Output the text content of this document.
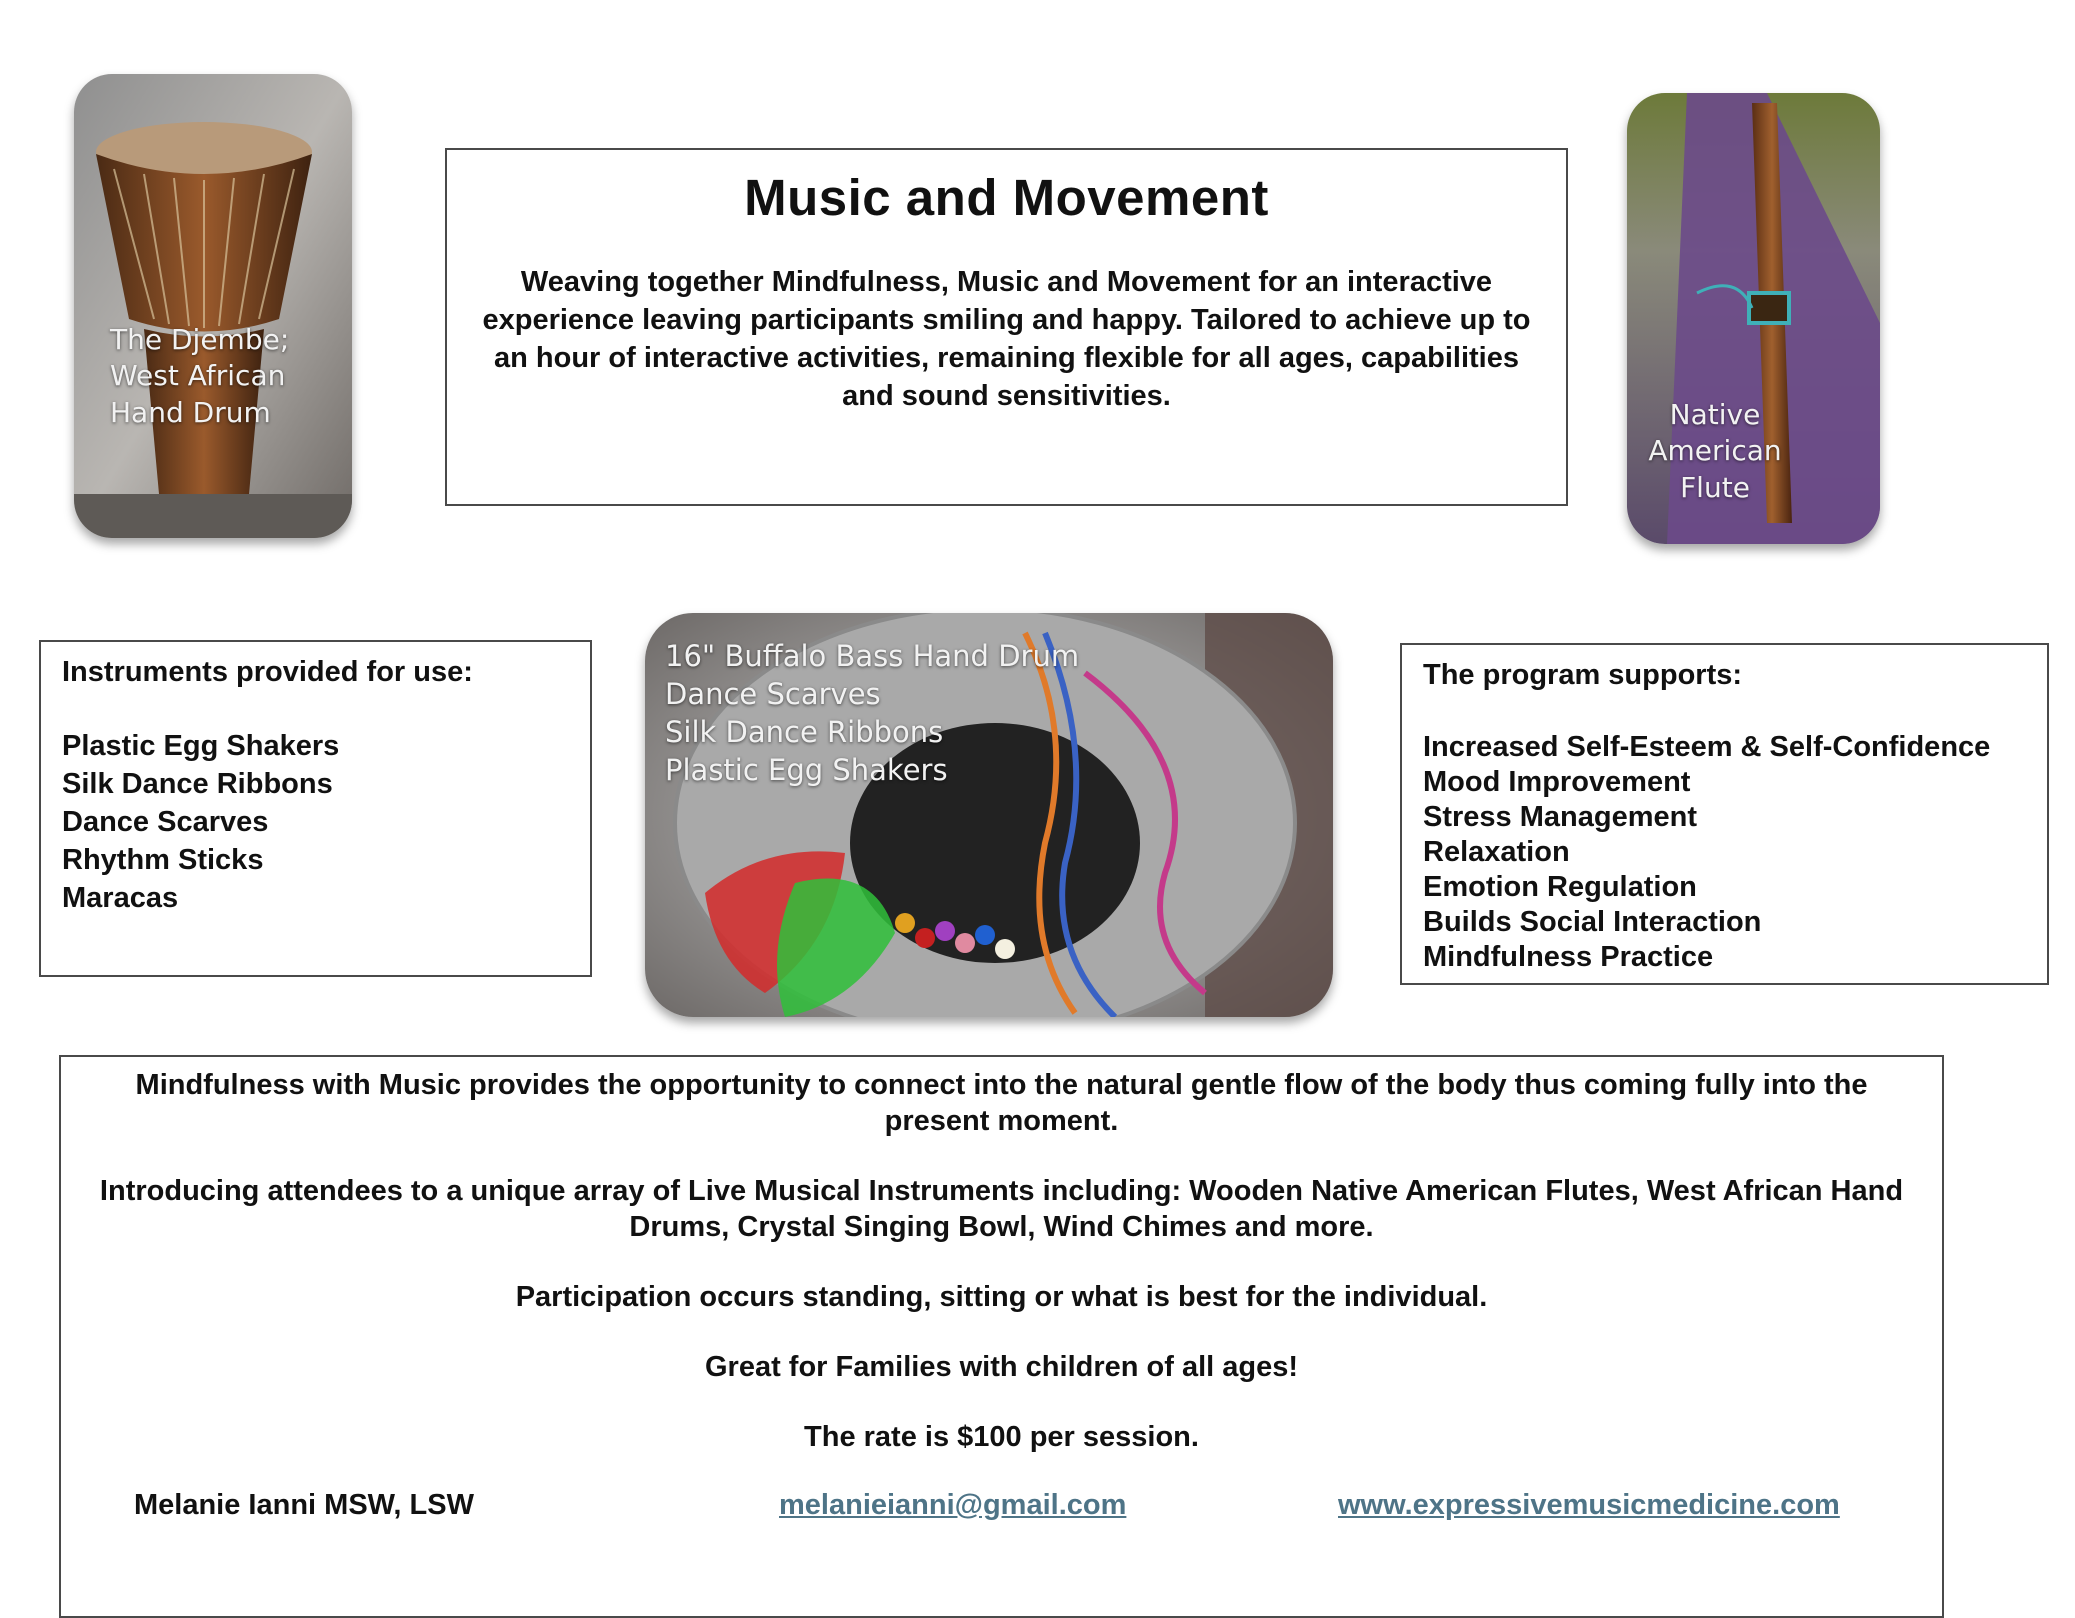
The Djembe;
West African
Hand Drum
Music and Movement
Weaving together Mindfulness, Music and Movement for an interactive experience leaving participants smiling and happy. Tailored to achieve up to an hour of interactive activities, remaining flexible for all ages, capabilities and sound sensitivities.
Native
American
Flute
Instruments provided for use:
Plastic Egg Shakers
Silk Dance Ribbons
Dance Scarves
Rhythm Sticks
Maracas
16" Buffalo Bass Hand Drum
Dance Scarves
Silk Dance Ribbons
Plastic Egg Shakers
The program supports:
Increased Self-Esteem & Self-Confidence
Mood Improvement
Stress Management
Relaxation
Emotion Regulation
Builds Social Interaction
Mindfulness Practice

Mindfulness with Music provides the opportunity to connect into the natural gentle flow of the body thus coming fully into the present moment.

Introducing attendees to a unique array of Live Musical Instruments including: Wooden Native American Flutes, West African Hand Drums, Crystal Singing Bowl, Wind Chimes and more.

Participation occurs standing, sitting or what is best for the individual.

Great for Families with children of all ages!

The rate is $100 per session.

Melanie Ianni MSW, LSW	melanieianni@gmail.com	www.expressivemusicmedicine.com
